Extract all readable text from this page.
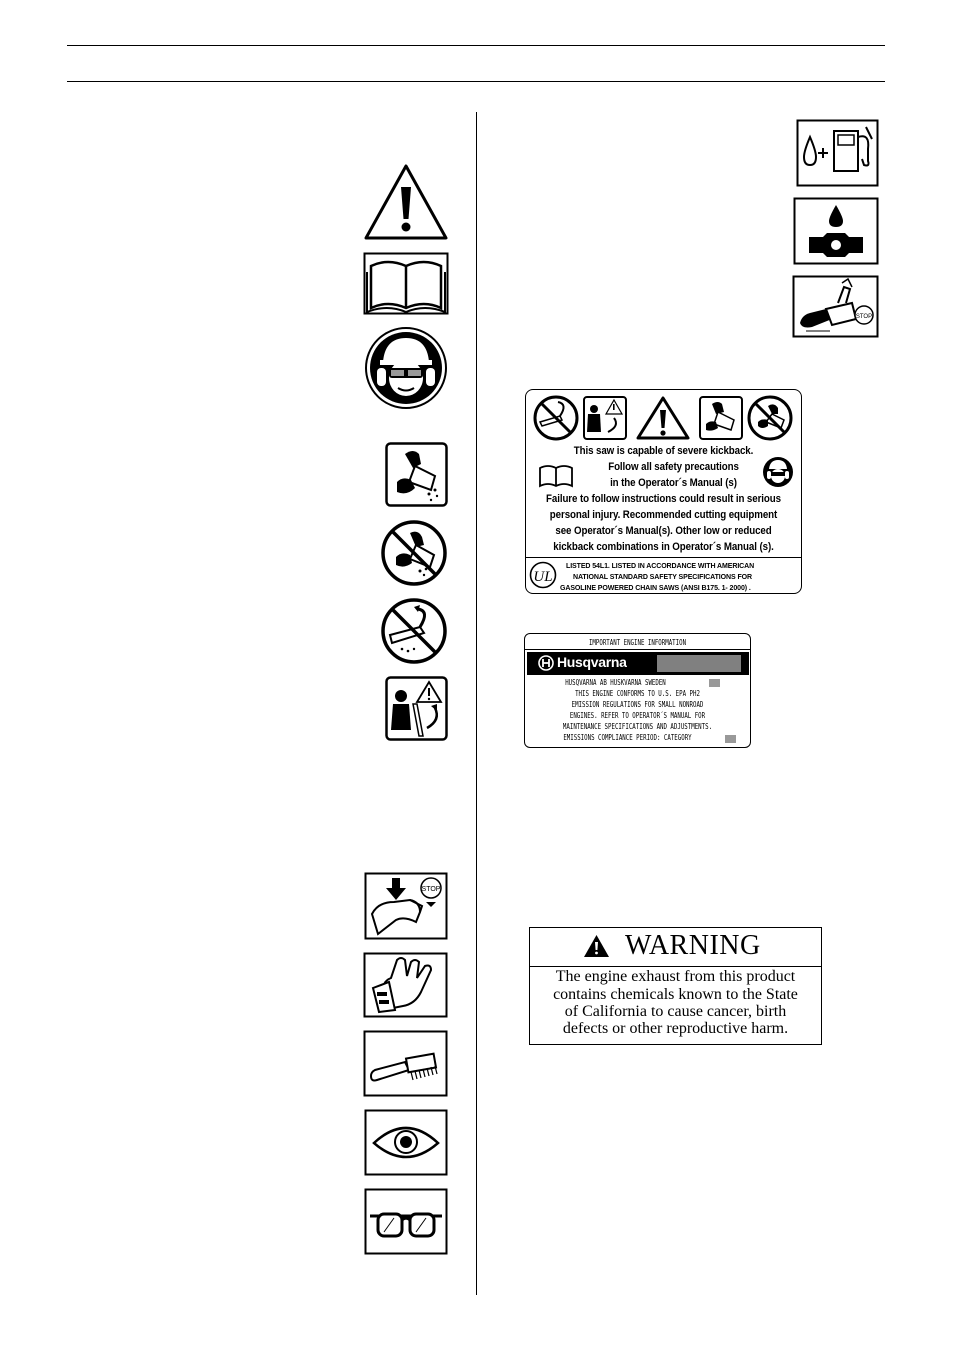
STOP
STOP
This saw is capable of severe kickback.
Follow all safety precautions
in the Operator´s Manual (s)
Failure to follow instructions could result in serious
personal injury. Recommended cutting equipment
see Operator´s Manual(s). Other low or reduced
kickback combinations in Operator´s Manual (s).
UL
LISTED 54L1. LISTED IN ACCORDANCE WITH AMERICAN
NATIONAL STANDARD SAFETY SPECIFICATIONS FOR
GASOLINE POWERED CHAIN SAWS (ANSI B175. 1- 2000) .
IMPORTANT ENGINE INFORMATION
Husqvarna
HUSQVARNA AB HUSKVARNA SWEDEN
THIS ENGINE CONFORMS TO U.S. EPA PH2
EMISSION REGULATIONS FOR SMALL NONROAD
ENGINES. REFER TO OPERATOR´S MANUAL FOR
MAINTENANCE SPECIFICATIONS AND ADJUSTMENTS.
EMISSIONS COMPLIANCE PERIOD: CATEGORY
WARNING
The engine exhaust from this product
contains chemicals known to the State
of California to cause cancer, birth
defects or other reproductive harm.
